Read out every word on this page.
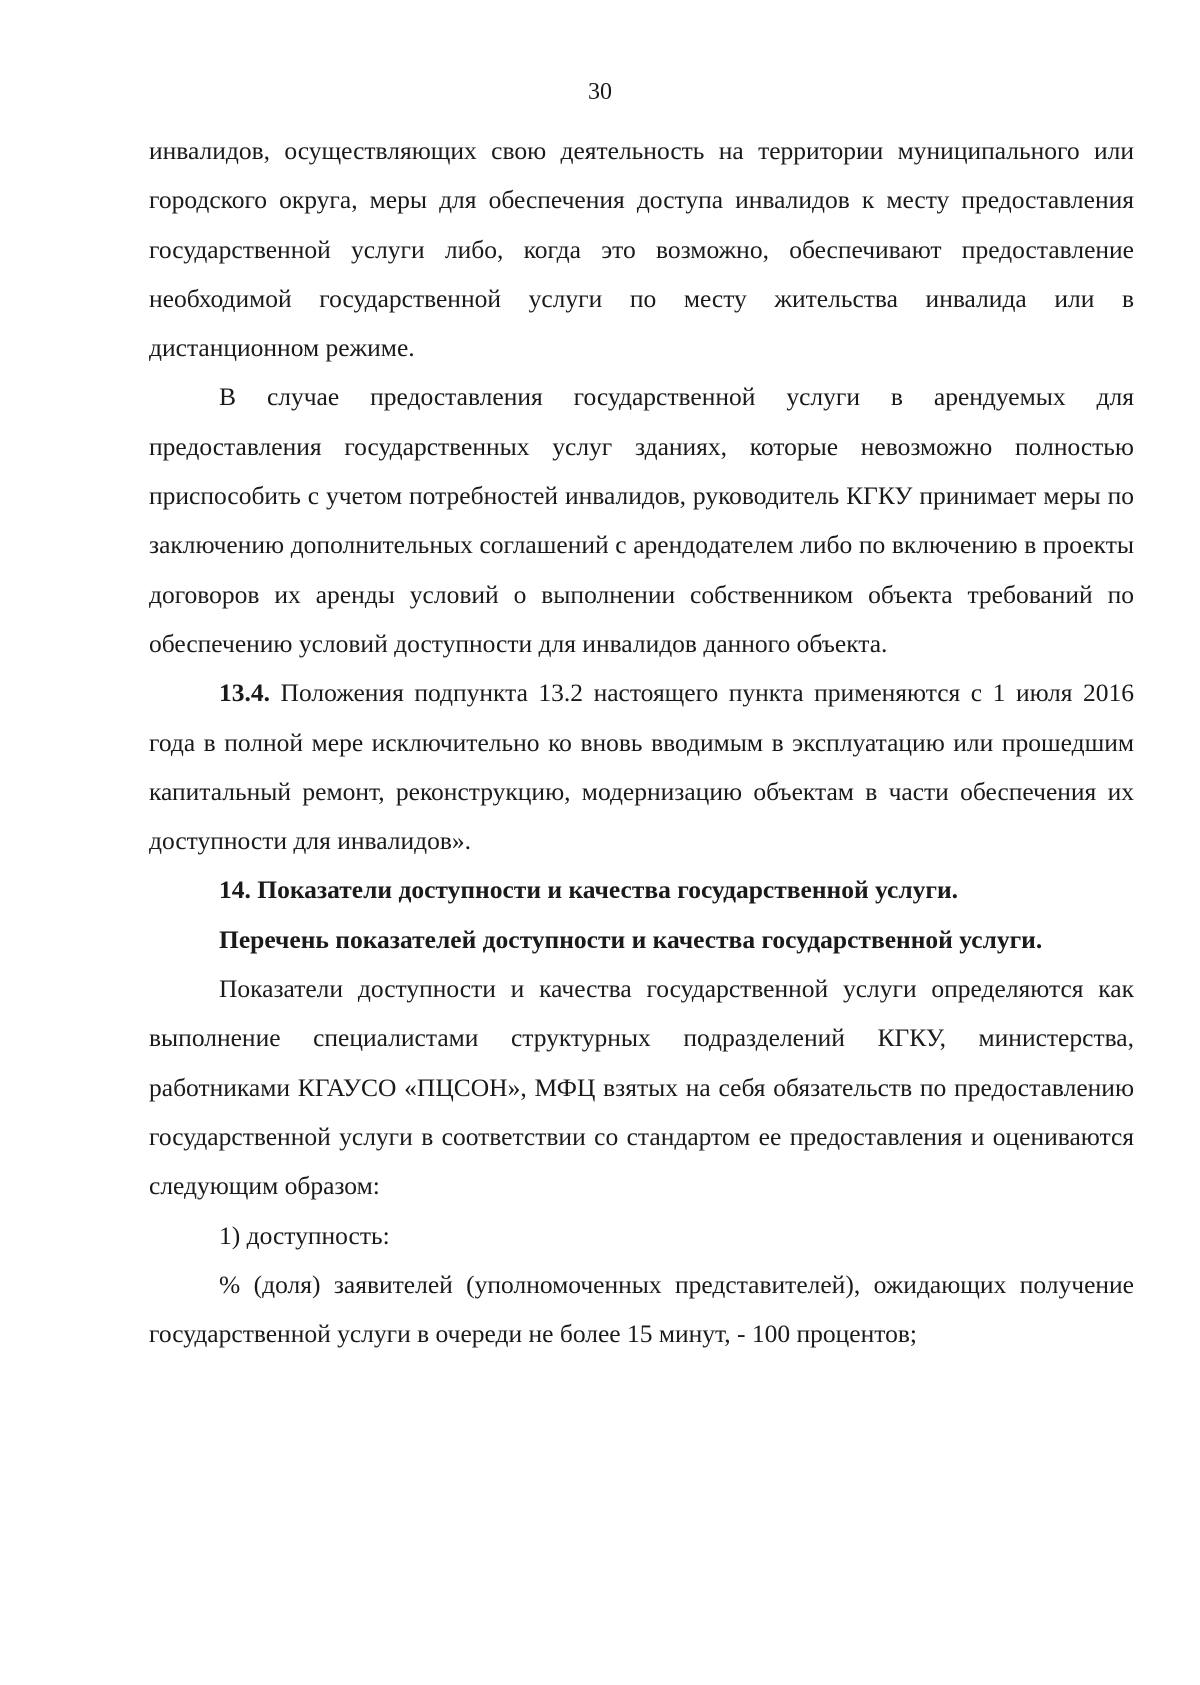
30

инвалидов, осуществляющих свою деятельность на территории муниципального или городского округа, меры для обеспечения доступа инвалидов к месту предоставления государственной услуги либо, когда это возможно, обеспечивают предоставление необходимой государственной услуги по месту жительства инвалида или в дистанционном режиме.

В случае предоставления государственной услуги в арендуемых для предоставления государственных услуг зданиях, которые невозможно полностью приспособить с учетом потребностей инвалидов, руководитель КГКУ принимает меры по заключению дополнительных соглашений с арендодателем либо по включению в проекты договоров их аренды условий о выполнении собственником объекта требований по обеспечению условий доступности для инвалидов данного объекта.

13.4. Положения подпункта 13.2 настоящего пункта применяются с 1 июля 2016 года в полной мере исключительно ко вновь вводимым в эксплуатацию или прошедшим капитальный ремонт, реконструкцию, модернизацию объектам в части обеспечения их доступности для инвалидов».

14. Показатели доступности и качества государственной услуги.

Перечень показателей доступности и качества государственной услуги.

Показатели доступности и качества государственной услуги определяются как выполнение специалистами структурных подразделений КГКУ, министерства, работниками КГАУСО «ПЦСОН», МФЦ взятых на себя обязательств по предоставлению государственной услуги в соответствии со стандартом ее предоставления и оцениваются следующим образом:

1) доступность:

% (доля) заявителей (уполномоченных представителей), ожидающих получение государственной услуги в очереди не более 15 минут, - 100 процентов;
